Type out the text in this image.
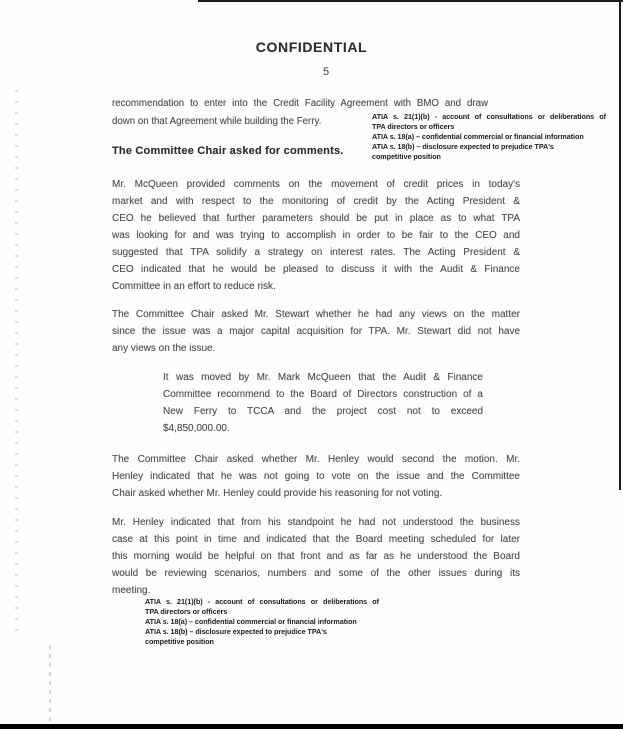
CONFIDENTIAL
5
recommendation to enter into the Credit Facility Agreement with BMO and draw
down on that Agreement while building the Ferry.	ATIA s. 21(1)(b) - account of consultations or deliberations of
TPA directors or officers
ATIA s. 18(a) – confidential commercial or financial information
ATIA s. 18(b) – disclosure expected to prejudice TPA's
competitive position
The Committee Chair asked for comments.
Mr. McQueen provided comments on the movement of credit prices in today's
market and with respect to the monitoring of credit by the Acting President &
CEO he believed that further parameters should be put in place as to what TPA
was looking for and was trying to accomplish in order to be fair to the CEO and
suggested that TPA solidify a strategy on interest rates. The Acting President &
CEO indicated that he would be pleased to discuss it with the Audit & Finance
Committee in an effort to reduce risk.
The Committee Chair asked Mr. Stewart whether he had any views on the matter
since the issue was a major capital acquisition for TPA. Mr. Stewart did not have
any views on the issue.
It was moved by Mr. Mark McQueen that the Audit & Finance
Committee recommend to the Board of Directors construction of a
New Ferry to TCCA and the project cost not to exceed
$4,850,000.00.
The Committee Chair asked whether Mr. Henley would second the motion. Mr.
Henley indicated that he was not going to vote on the issue and the Committee
Chair asked whether Mr. Henley could provide his reasoning for not voting.
Mr. Henley indicated that from his standpoint he had not understood the business
case at this point in time and indicated that the Board meeting scheduled for later
this morning would be helpful on that front and as far as he understood the Board
would be reviewing scenarios, numbers and some of the other issues during its
meeting.
ATIA s. 21(1)(b) - account of consultations or deliberations of
TPA directors or officers
ATIA s. 18(a) – confidential commercial or financial information
ATIA s. 18(b) – disclosure expected to prejudice TPA's
competitive position
